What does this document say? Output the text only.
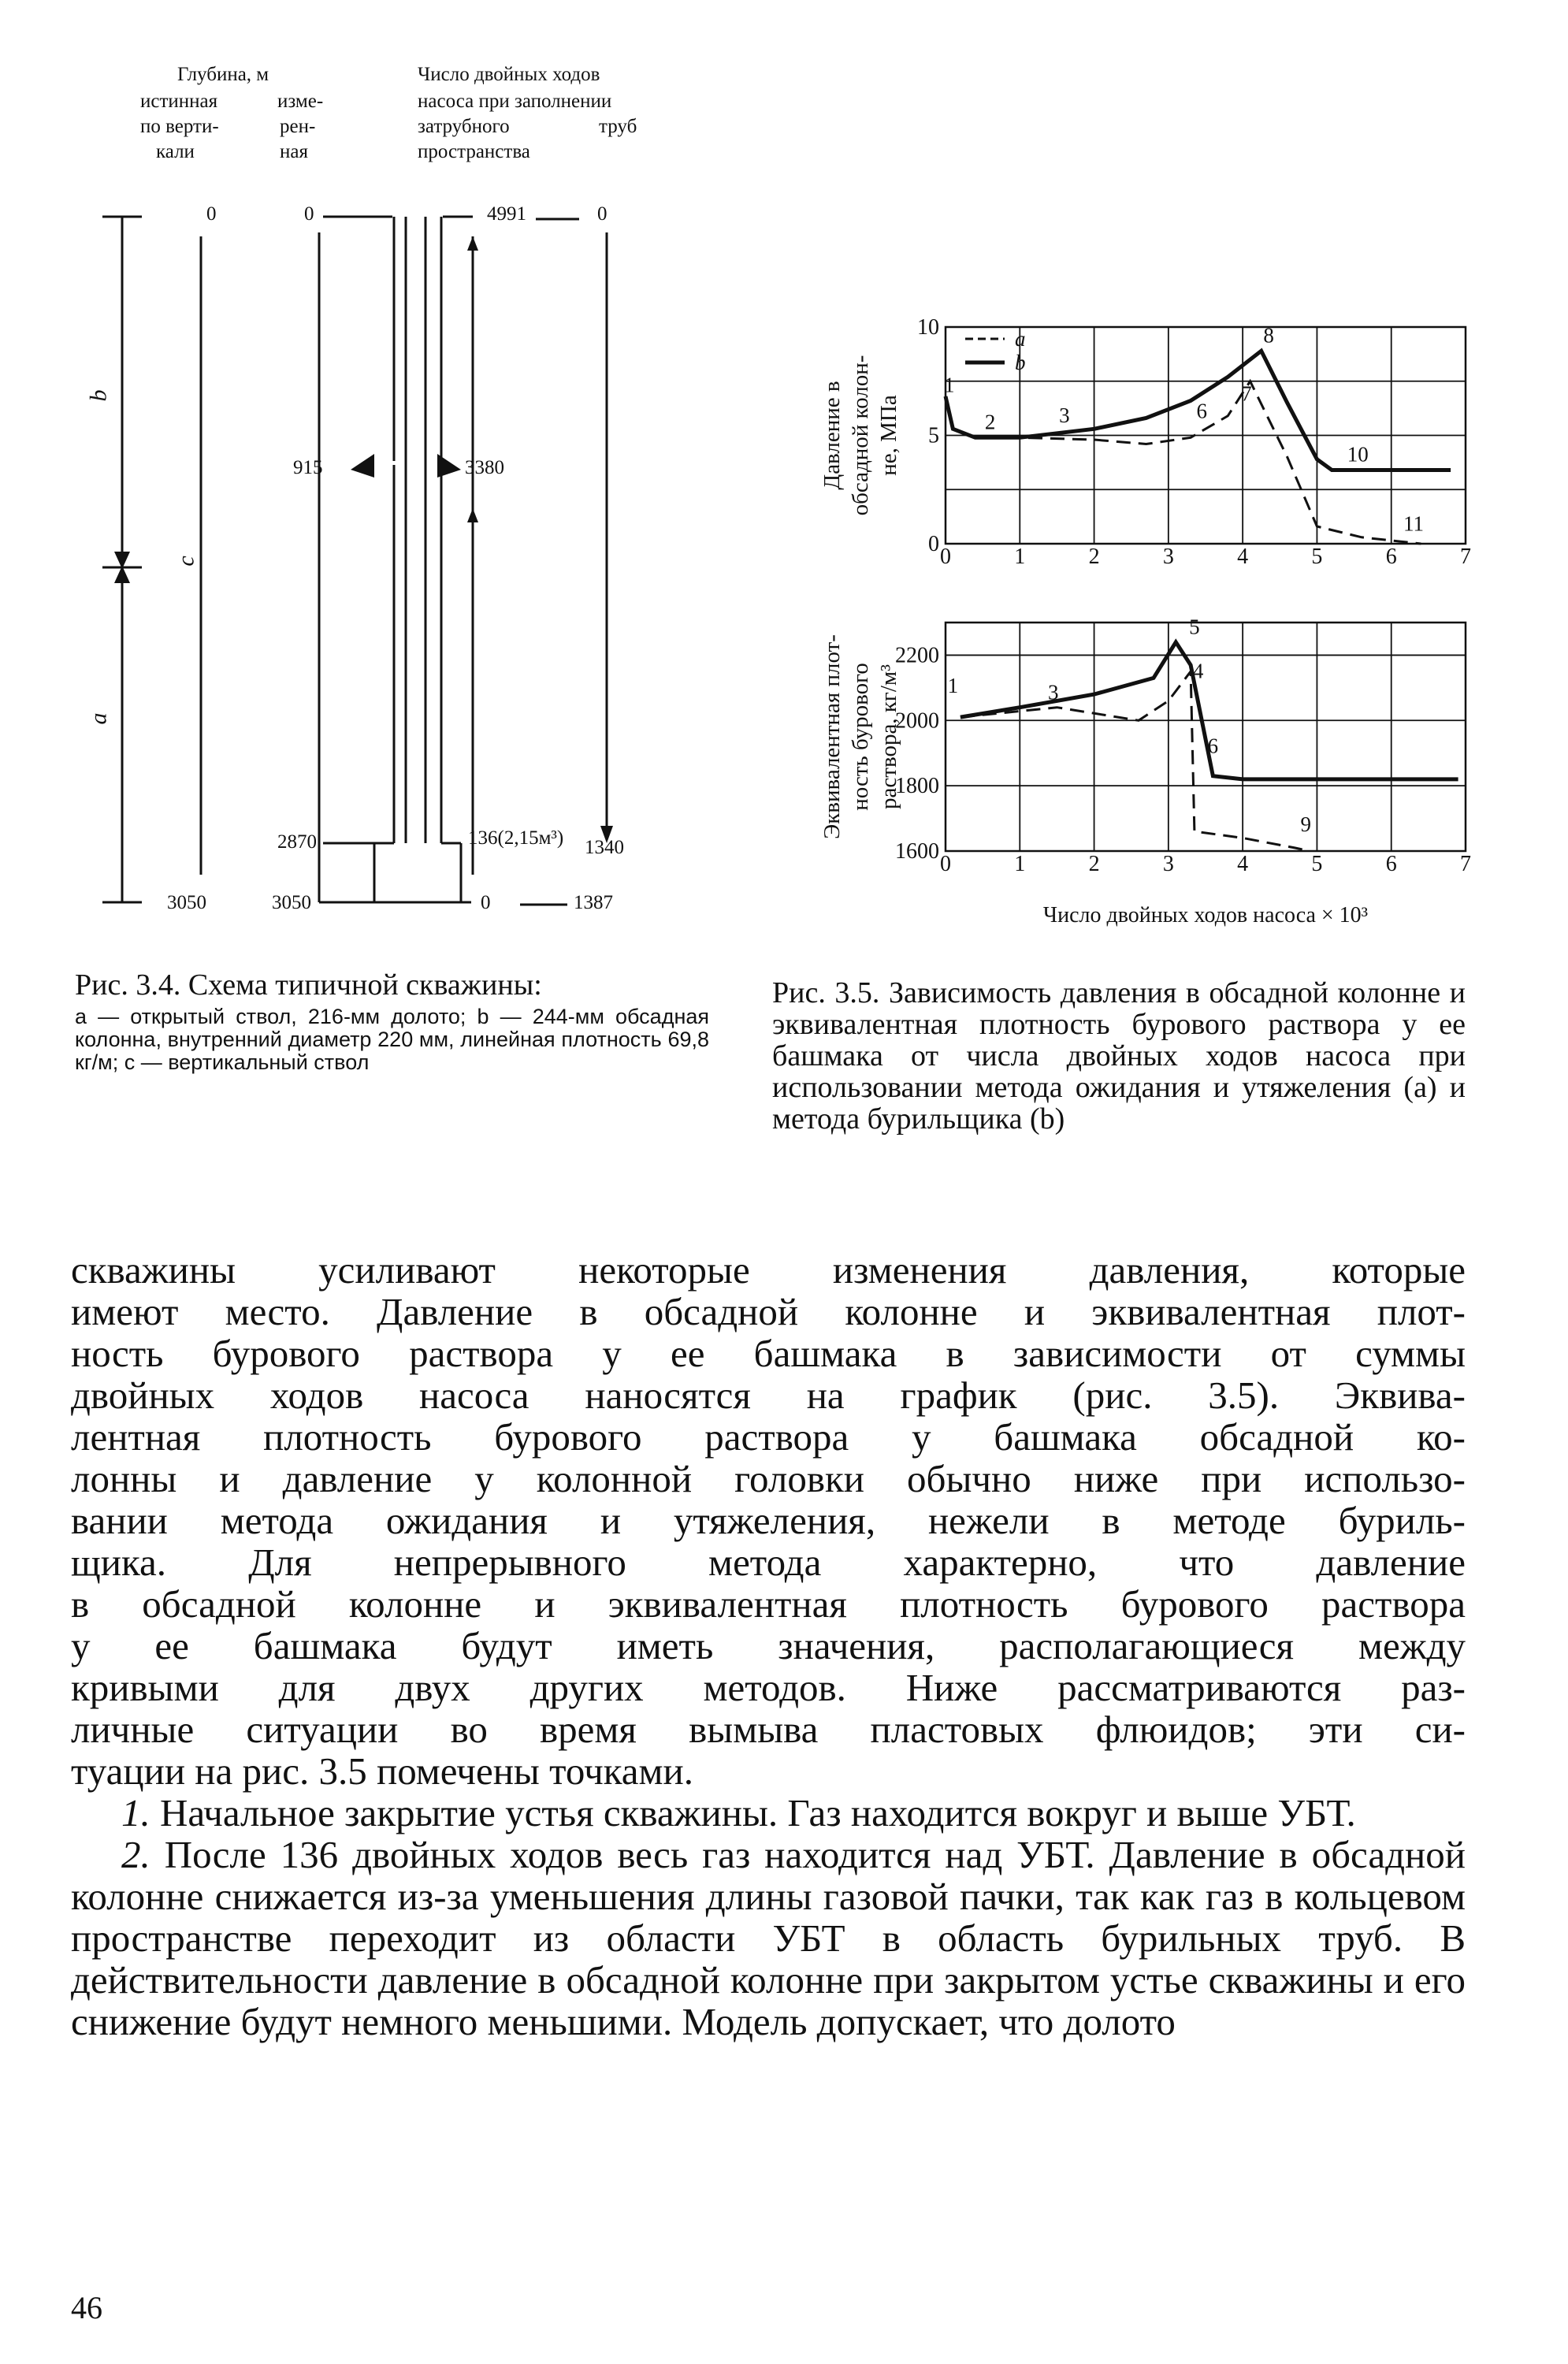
Глубина, м
истинная
по верти-
кали
изме-
рен-
ная
Число двойных ходов
насоса при заполнении
затрубного
пространства
труб
b
a
c
0	0	4991	0
915	3380
2870	136(2,15м³) 1340
3050	3050	0	1387
Рис. 3.4. Схема типичной скважины:
a — открытый ствол, 216-мм долото; b — 244-мм обсадная колонна, внутренний диаметр 220 мм, линейная плотность 69,8 кг/м; c — вертикальный ствол
10
5
0
0	1	2	3	4	5	6	7
Давление в обсадной колон- не, МПа
2200
2000
1800
1600
0	1	2	3	4	5	6	7
Эквивалентная плот- ность бурового раствора, кг/м³
1
2	3	6
7
8
10
11
1	3
5
4
6
9
a
b
Число двойных ходов насоса × 10³
Рис. 3.5. Зависимость давления в обсадной колонне и эквивалентная плотность бурового раствора у ее башмака от числа двойных ходов насоса при использовании метода ожидания и утяжеления (a) и метода бурильщика (b)
скважины усиливают некоторые изменения давления, которые
имеют место. Давление в обсадной колонне и эквивалентная плот-
ность бурового раствора у ее башмака в зависимости от суммы
двойных ходов насоса наносятся на график (рис. 3.5). Эквива-
лентная плотность бурового раствора у башмака обсадной ко-
лонны и давление у колонной головки обычно ниже при использо-
вании метода ожидания и утяжеления, нежели в методе буриль-
щика. Для непрерывного метода характерно, что давление
в обсадной колонне и эквивалентная плотность бурового раствора
у ее башмака будут иметь значения, располагающиеся между
кривыми для двух других методов. Ниже рассматриваются раз-
личные ситуации во время вымыва пластовых флюидов; эти си-
туации на рис. 3.5 помечены точками.

1. Начальное закрытие устья скважины. Газ находится вокруг и выше УБТ.

2. После 136 двойных ходов весь газ находится над УБТ. Давление в обсадной колонне снижается из-за уменьшения длины газовой пачки, так как газ в кольцевом пространстве переходит из области УБТ в область бурильных труб. В действительности давление в обсадной колонне при закрытом устье скважины и его снижение будут немного меньшими. Модель допускает, что долото

46
